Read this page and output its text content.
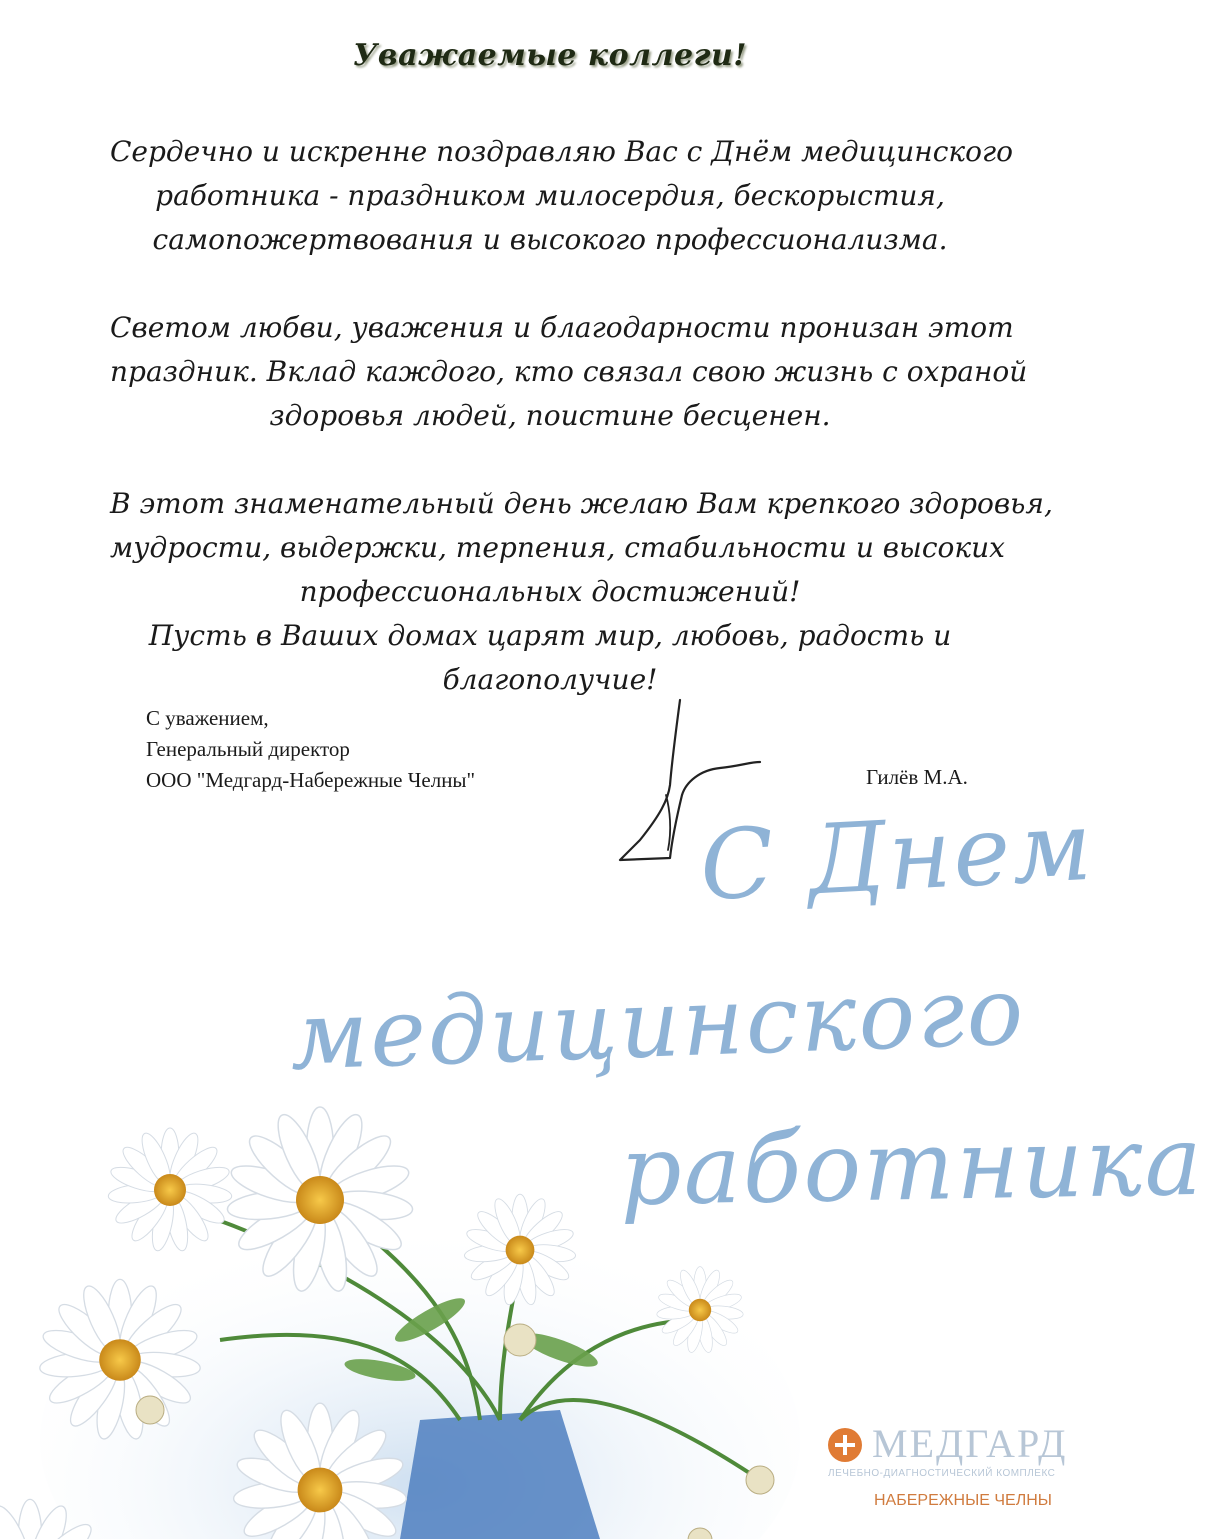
Уважаемые коллеги!
Сердечно и искренне поздравляю Вас с Днём медицинского
работника - праздником милосердия, бескорыстия,
самопожертвования и высокого профессионализма.
Светом любви, уважения и благодарности пронизан этот
праздник. Вклад каждого, кто связал свою жизнь с охраной
здоровья людей, поистине бесценен.
В этот знаменательный день желаю Вам крепкого здоровья,
мудрости, выдержки, терпения, стабильности и высоких
профессиональных достижений!
Пусть в Ваших домах царят мир, любовь, радость и
благополучие!
С уважением,
Генеральный директор
ООО "Медгард-Набережные Челны"	Гилёв М.А.
С Днем
медицинского
работника
МЕДГАРД
ЛЕЧЕБНО-ДИАГНОСТИЧЕСКИЙ КОМПЛЕКС
НАБЕРЕЖНЫЕ ЧЕЛНЫ
